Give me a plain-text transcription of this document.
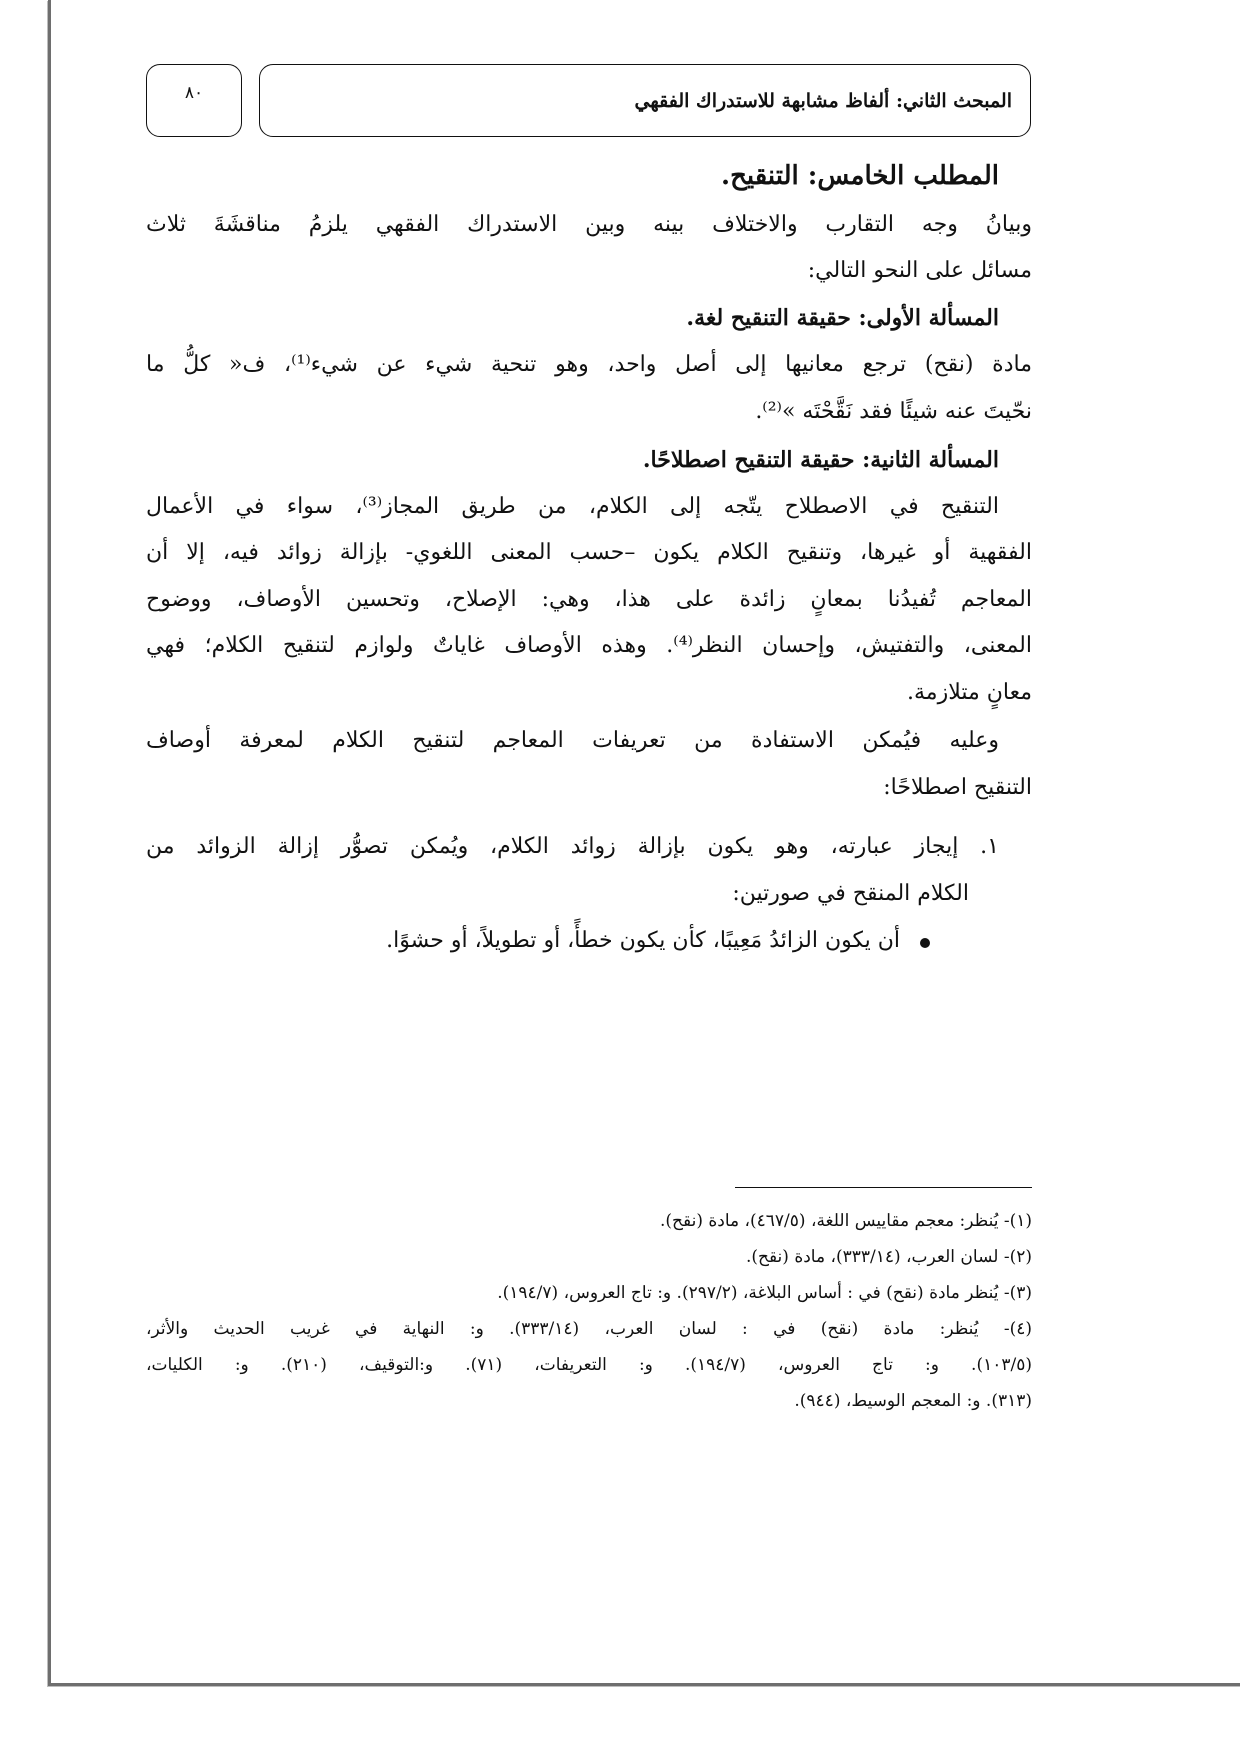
المبحث الثاني: ألفاظ مشابهة للاستدراك الفقهي
٨٠
المطلب الخامس: التنقيح.
وبيانُ وجه التقارب والاختلاف بينه وبين الاستدراك الفقهي يلزمُ مناقشَةَ ثلاث
مسائل على النحو التالي:
المسألة الأولى: حقيقة التنقيح لغة.
مادة (نقح) ترجع معانيها إلى أصل واحد، وهو تنحية شيء عن شيء⁽¹⁾، ف« كلُّ ما
نحّيتَ عنه شيئًا فقد نَقَّحْتَه »⁽²⁾.
المسألة الثانية: حقيقة التنقيح اصطلاحًا.
التنقيح في الاصطلاح يتّجه إلى الكلام، من طريق المجاز⁽³⁾، سواء في الأعمال
الفقهية أو غيرها، وتنقيح الكلام يكون –حسب المعنى اللغوي- بإزالة زوائد فيه، إلا أن
المعاجم تُفيدُنا بمعانٍ زائدة على هذا، وهي: الإصلاح، وتحسين الأوصاف، ووضوح
المعنى، والتفتيش، وإحسان النظر⁽⁴⁾. وهذه الأوصاف غاياتٌ ولوازم لتنقيح الكلام؛ فهي
معانٍ متلازمة.
وعليه فيُمكن الاستفادة من تعريفات المعاجم لتنقيح الكلام لمعرفة أوصاف
التنقيح اصطلاحًا:
١. إيجاز عبارته، وهو يكون بإزالة زوائد الكلام، ويُمكن تصوُّر إزالة الزوائد من
الكلام المنقح في صورتين:
أن يكون الزائدُ مَعِيبًا، كأن يكون خطأً، أو تطويلاً، أو حشوًا.
(١)- يُنظر: معجم مقاييس اللغة، (٤٦٧/٥)، مادة (نقح).
(٢)- لسان العرب، (٣٣٣/١٤)، مادة (نقح).
(٣)- يُنظر مادة (نقح) في : أساس البلاغة، (٢٩٧/٢). و: تاج العروس، (١٩٤/٧).
(٤)- يُنظر: مادة (نقح) في : لسان العرب، (٣٣٣/١٤). و: النهاية في غريب الحديث والأثر،
(١٠٣/٥). و: تاج العروس، (١٩٤/٧). و: التعريفات، (٧١). و:التوقيف، (٢١٠). و: الكليات،
(٣١٣). و: المعجم الوسيط، (٩٤٤).
